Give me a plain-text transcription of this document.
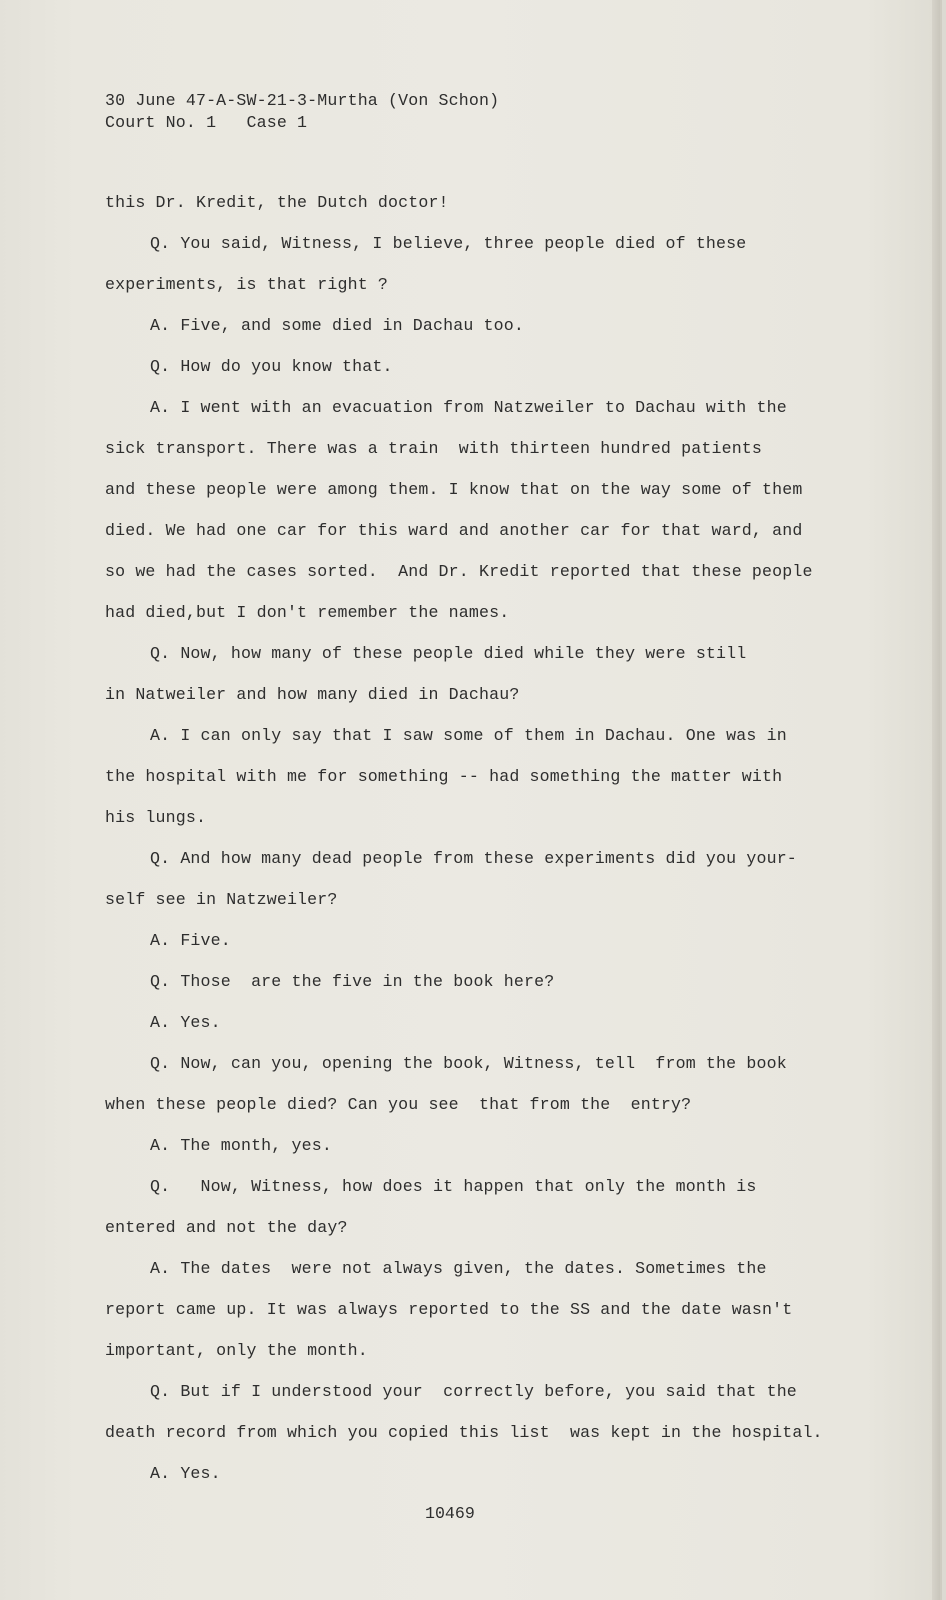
30 June 47-A-SW-21-3-Murtha (Von Schon)
Court No. 1   Case 1
this Dr. Kredit, the Dutch doctor!
Q. You said, Witness, I believe, three people died of these
experiments, is that right ?
A. Five, and some died in Dachau too.
Q. How do you know that.
A. I went with an evacuation from Natzweiler to Dachau with the
sick transport. There was a train  with thirteen hundred patients
and these people were among them. I know that on the way some of them
died. We had one car for this ward and another car for that ward, and
so we had the cases sorted.  And Dr. Kredit reported that these people
had died,but I don't remember the names.
Q. Now, how many of these people died while they were still
in Natweiler and how many died in Dachau?
A. I can only say that I saw some of them in Dachau. One was in
the hospital with me for something -- had something the matter with
his lungs.
Q. And how many dead people from these experiments did you your-
self see in Natzweiler?
A. Five.
Q. Those  are the five in the book here?
A. Yes.
Q. Now, can you, opening the book, Witness, tell  from the book
when these people died? Can you see  that from the  entry?
A. The month, yes.
Q.   Now, Witness, how does it happen that only the month is
entered and not the day?
A. The dates  were not always given, the dates. Sometimes the
report came up. It was always reported to the SS and the date wasn't
important, only the month.
Q. But if I understood your  correctly before, you said that the
death record from which you copied this list  was kept in the hospital.
A. Yes.
10469
